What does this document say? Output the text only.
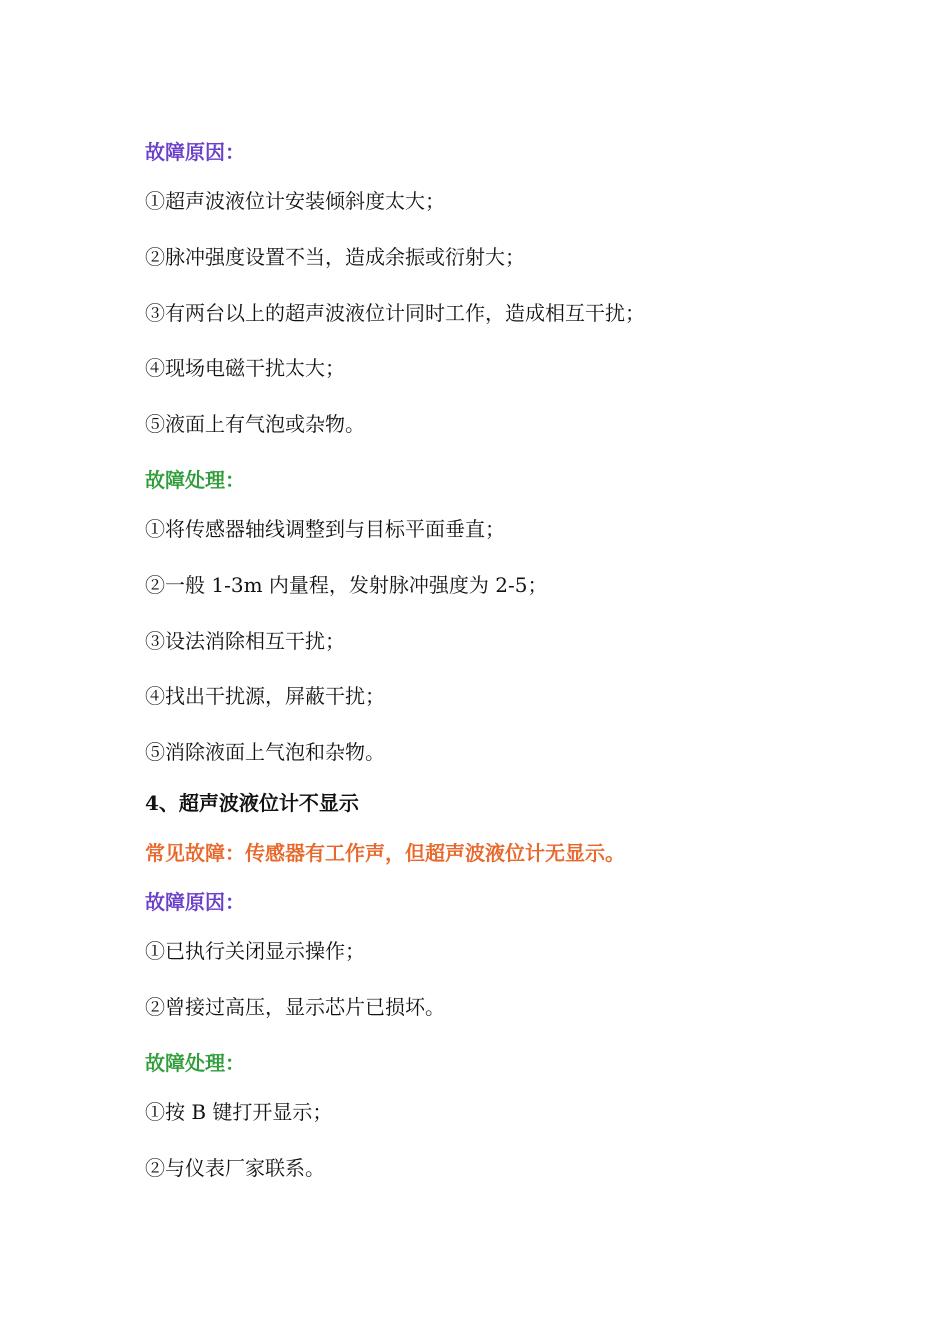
故障原因：
①超声波液位计安装倾斜度太大；
②脉冲强度设置不当，造成余振或衍射大；
③有两台以上的超声波液位计同时工作，造成相互干扰；
④现场电磁干扰太大；
⑤液面上有气泡或杂物。
故障处理：
①将传感器轴线调整到与目标平面垂直；
②一般 1-3m 内量程，发射脉冲强度为 2-5；
③设法消除相互干扰；
④找出干扰源，屏蔽干扰；
⑤消除液面上气泡和杂物。
4、超声波液位计不显示
常见故障：传感器有工作声，但超声波液位计无显示。
故障原因：
①已执行关闭显示操作；
②曾接过高压，显示芯片已损坏。
故障处理：
①按 B 键打开显示；
②与仪表厂家联系。
